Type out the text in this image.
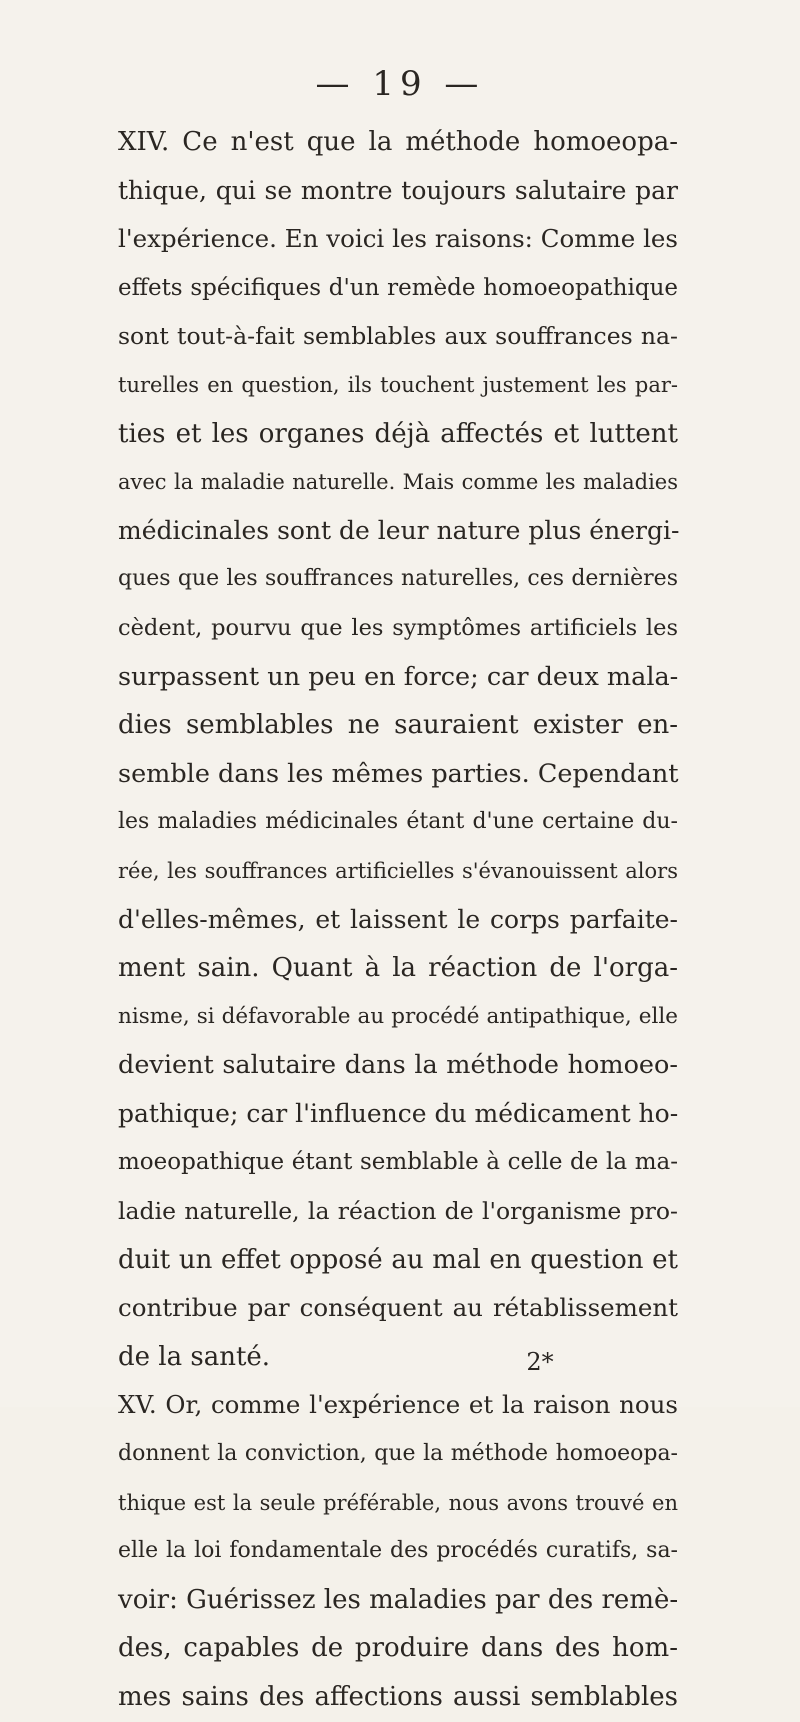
— 19 —
XIV. Ce n'est que la méthode homoeopa-
thique, qui se montre toujours salutaire par
l'expérience. En voici les raisons: Comme les
effets spécifiques d'un remède homoeopathique
sont tout-à-fait semblables aux souffrances na-
turelles en question, ils touchent justement les par-
ties et les organes déjà affectés et luttent
avec la maladie naturelle. Mais comme les maladies
médicinales sont de leur nature plus énergi-
ques que les souffrances naturelles, ces dernières
cèdent, pourvu que les symptômes artificiels les
surpassent un peu en force; car deux mala-
dies semblables ne sauraient exister en-
semble dans les mêmes parties. Cependant
les maladies médicinales étant d'une certaine du-
rée, les souffrances artificielles s'évanouissent alors
d'elles-mêmes, et laissent le corps parfaite-
ment sain. Quant à la réaction de l'orga-
nisme, si défavorable au procédé antipathique, elle
devient salutaire dans la méthode homoeo-
pathique; car l'influence du médicament ho-
moeopathique étant semblable à celle de la ma-
ladie naturelle, la réaction de l'organisme pro-
duit un effet opposé au mal en question et
contribue par conséquent au rétablissement
de la santé.
XV. Or, comme l'expérience et la raison nous
donnent la conviction, que la méthode homoeopa-
thique est la seule préférable, nous avons trouvé en
elle la loi fondamentale des procédés curatifs, sa-
voir: Guérissez les maladies par des remè-
des, capables de produire dans des hom-
mes sains des affections aussi semblables
2*
